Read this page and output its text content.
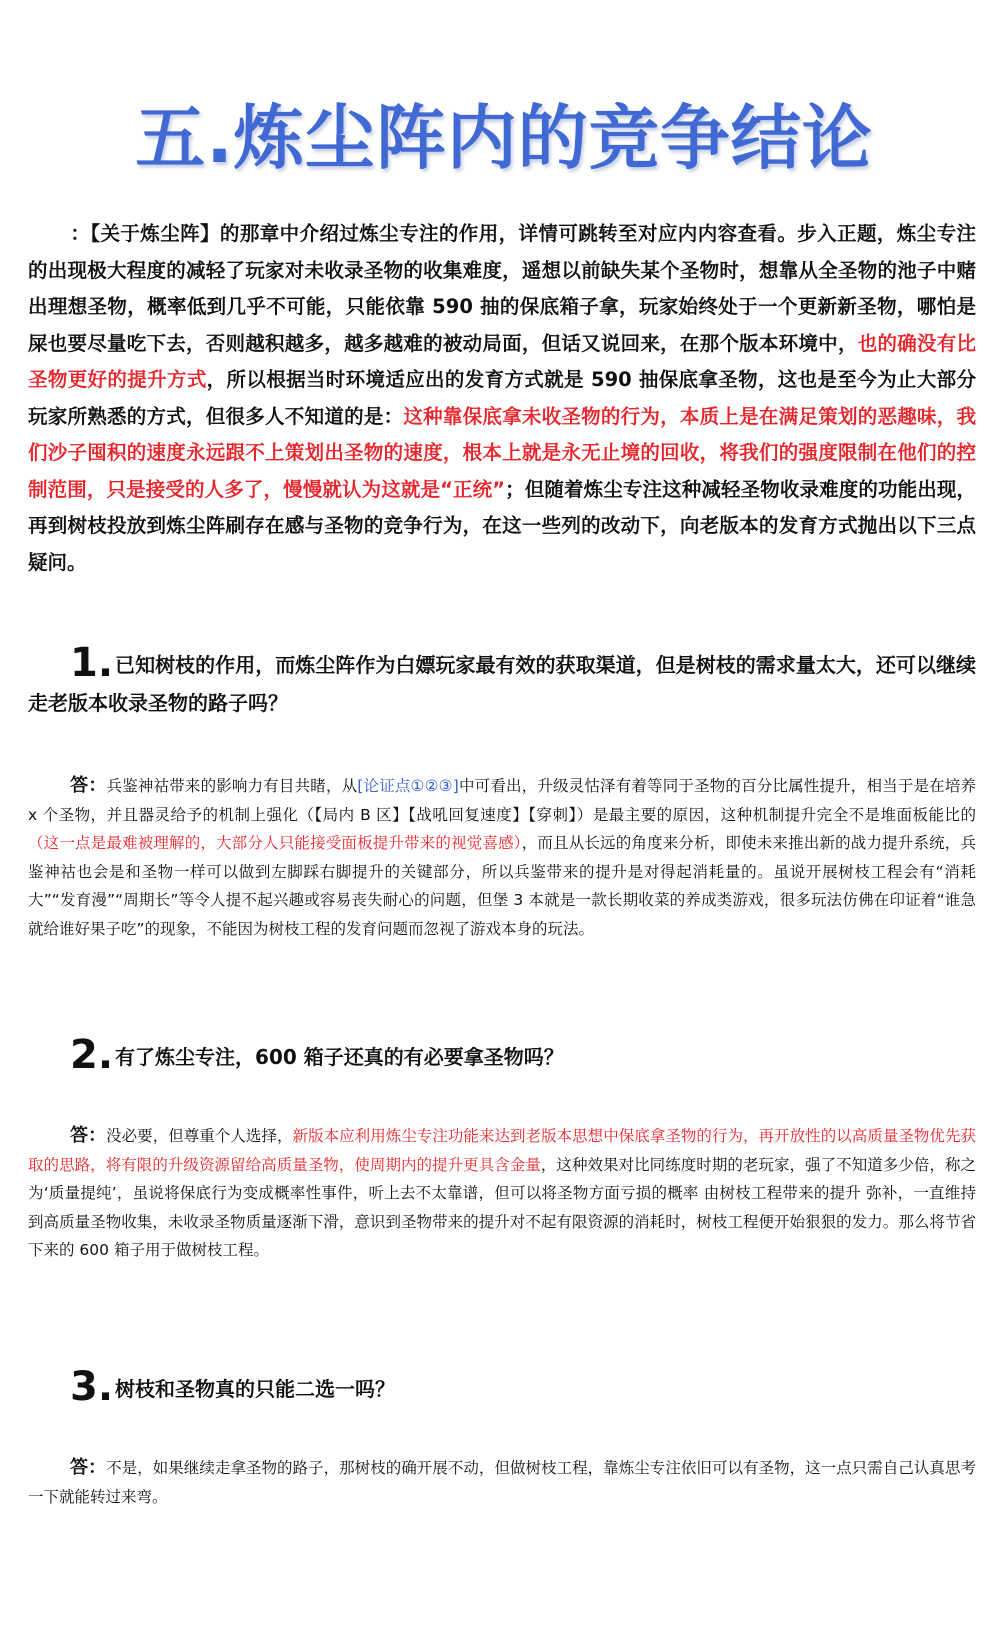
五.炼尘阵内的竞争结论

：【关于炼尘阵】的那章中介绍过炼尘专注的作用，详情可跳转至对应内内容查看。步入正题，炼尘专注的出现极大程度的减轻了玩家对未收录圣物的收集难度，遥想以前缺失某个圣物时，想靠从全圣物的池子中赌出理想圣物，概率低到几乎不可能，只能依靠 590 抽的保底箱子拿，玩家始终处于一个更新新圣物，哪怕是屎也要尽量吃下去，否则越积越多，越多越难的被动局面，但话又说回来，在那个版本环境中，也的确没有比圣物更好的提升方式，所以根据当时环境适应出的发育方式就是 590 抽保底拿圣物，这也是至今为止大部分玩家所熟悉的方式，但很多人不知道的是：这种靠保底拿未收圣物的行为，本质上是在满足策划的恶趣味，我们沙子囤积的速度永远跟不上策划出圣物的速度，根本上就是永无止境的回收，将我们的强度限制在他们的控制范围，只是接受的人多了，慢慢就认为这就是“正统”；但随着炼尘专注这种减轻圣物收录难度的功能出现，再到树枝投放到炼尘阵刷存在感与圣物的竞争行为，在这一些列的改动下，向老版本的发育方式抛出以下三点疑问。

1. 已知树枝的作用，而炼尘阵作为白嫖玩家最有效的获取渠道，但是树枝的需求量太大，还可以继续走老版本收录圣物的路子吗？

答：兵鉴神祜带来的影响力有目共睹，从[论证点①②③]中可看出，升级灵怙泽有着等同于圣物的百分比属性提升，相当于是在培养 x 个圣物，并且器灵给予的机制上强化（【局内 B 区】【战吼回复速度】【穿刺】）是最主要的原因，这种机制提升完全不是堆面板能比的（这一点是最难被理解的，大部分人只能接受面板提升带来的视觉喜感），而且从长远的角度来分析，即使未来推出新的战力提升系统，兵鉴神祜也会是和圣物一样可以做到左脚踩右脚提升的关键部分，所以兵鉴带来的提升是对得起消耗量的。虽说开展树枝工程会有“消耗大”“发育漫”“周期长”等令人提不起兴趣或容易丧失耐心的问题，但堡 3 本就是一款长期收菜的养成类游戏，很多玩法仿佛在印证着“谁急就给谁好果子吃”的现象，不能因为树枝工程的发育问题而忽视了游戏本身的玩法。

2. 有了炼尘专注，600 箱子还真的有必要拿圣物吗？

答：没必要，但尊重个人选择，新版本应利用炼尘专注功能来达到老版本思想中保底拿圣物的行为，再开放性的以高质量圣物优先获取的思路，将有限的升级资源留给高质量圣物，使周期内的提升更具含金量，这种效果对比同练度时期的老玩家，强了不知道多少倍，称之为‘质量提纯’，虽说将保底行为变成概率性事件，听上去不太靠谱，但可以将圣物方面亏损的概率 由树枝工程带来的提升 弥补，一直维持到高质量圣物收集，未收录圣物质量逐渐下滑，意识到圣物带来的提升对不起有限资源的消耗时，树枝工程便开始狠狠的发力。那么将节省下来的 600 箱子用于做树枝工程。

3. 树枝和圣物真的只能二选一吗？

答：不是，如果继续走拿圣物的路子，那树枝的确开展不动，但做树枝工程，靠炼尘专注依旧可以有圣物，这一点只需自己认真思考一下就能转过来弯。
